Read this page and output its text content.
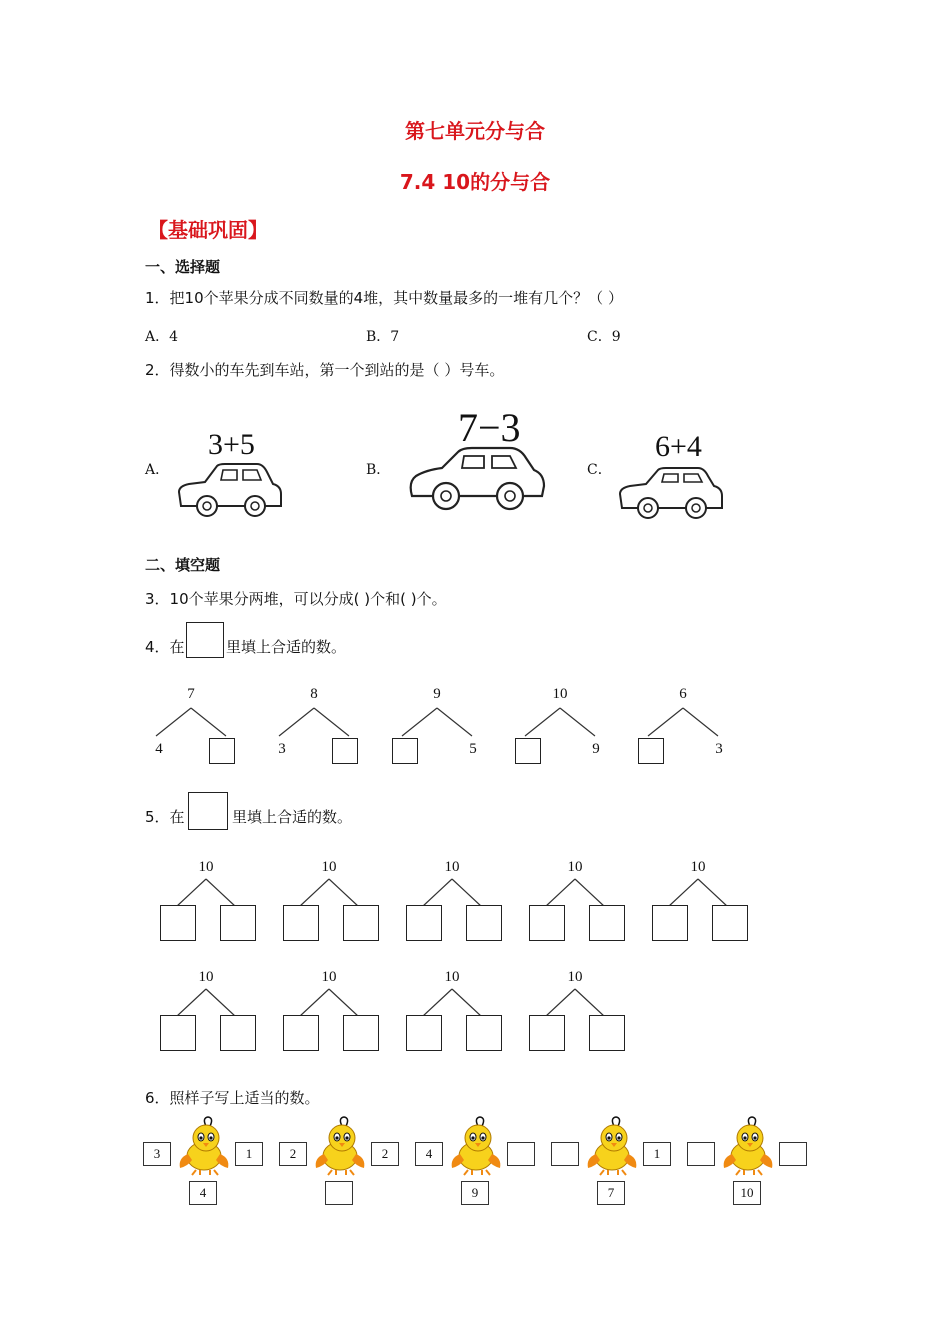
第七单元分与合
7.4 10的分与合
【基础巩固】
一、选择题
1．把10个苹果分成不同数量的4堆，其中数量最多的一堆有几个？（ ）
A．4	B．7	C．9
2．得数小的车先到车站，第一个到站的是（ ）号车。
A．
3+5
B．
7−3
C．
6+4
二、填空题
3．10个苹果分两堆，可以分成( )个和( )个。
4．在	里填上合适的数。
5．在	里填上合适的数。
6．照样子写上适当的数。
7
4
8
3
9
5
10
9
6
3
10	10	10	10	10
10	10	10	10
3	1
4
2	2	4
9
1
7	10
